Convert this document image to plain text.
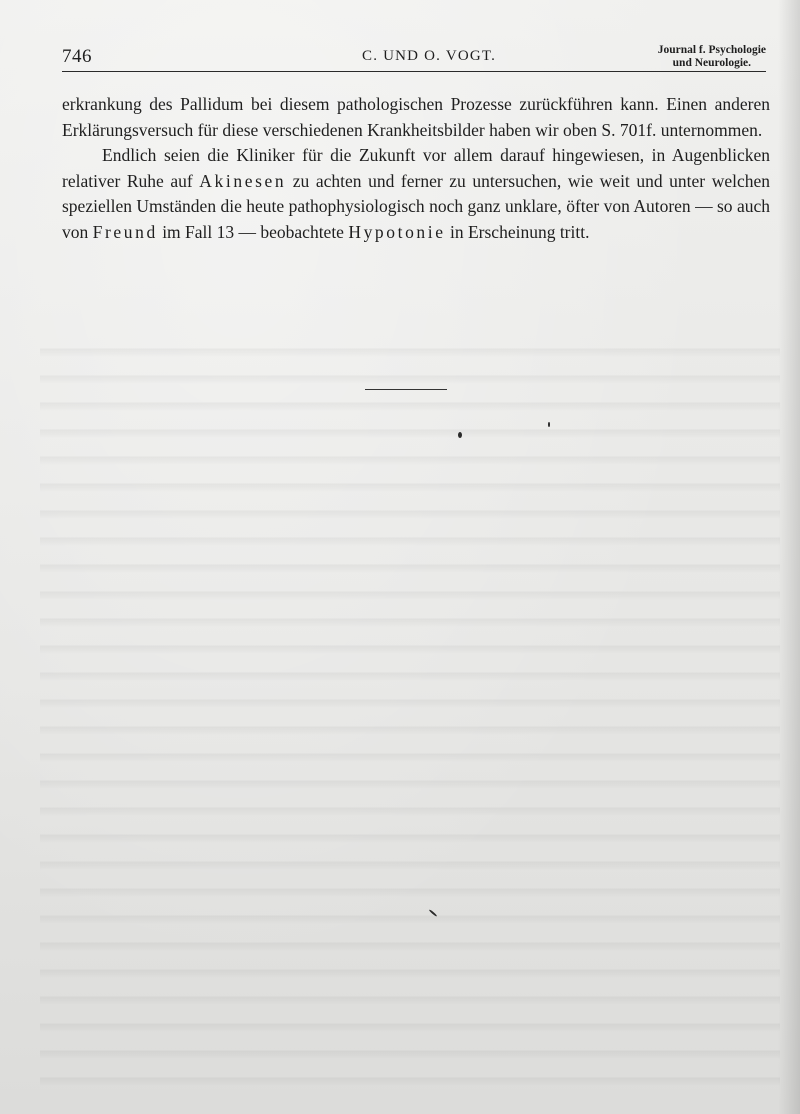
746	C. UND O. VOGT.	Journal f. Psychologie
und Neurologie.

erkrankung des Pallidum bei diesem pathologischen Prozesse zurückführen kann. Einen anderen Erklärungsversuch für diese verschiedenen Krankheitsbilder haben wir oben S. 701f. unternommen.

Endlich seien die Kliniker für die Zukunft vor allem darauf hingewiesen, in Augenblicken relativer Ruhe auf Akinesen zu achten und ferner zu untersuchen, wie weit und unter welchen speziellen Umständen die heute pathophysiologisch noch ganz unklare, öfter von Autoren — so auch von Freund im Fall 13 — beobachtete Hypotonie in Erscheinung tritt.
